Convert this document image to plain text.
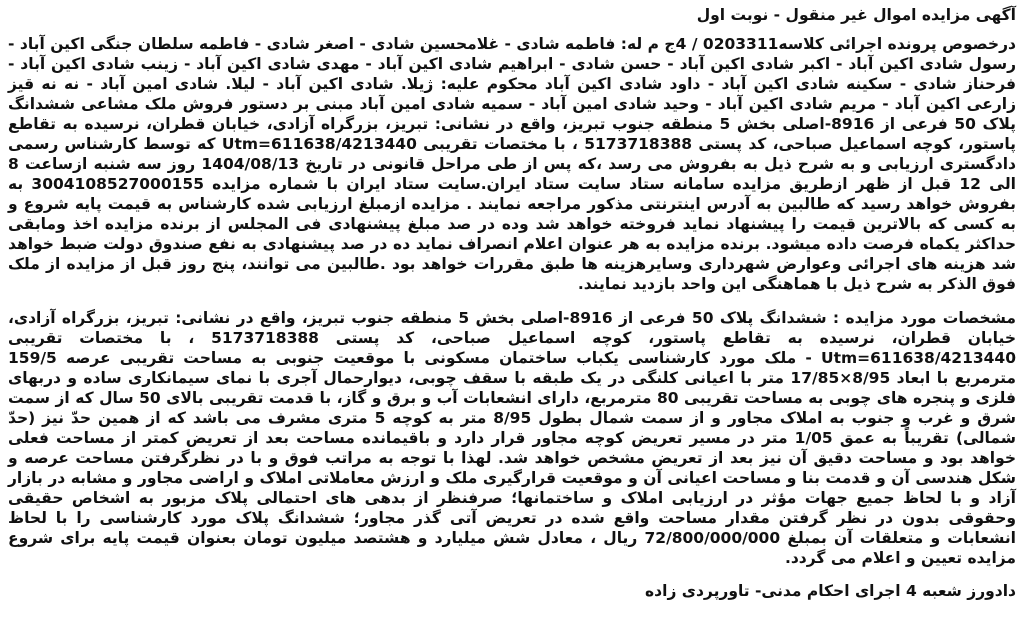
آگهی مزایده اموال غیر منقول - نوبت اول

درخصوص پرونده اجرائی کلاسه0203311 / 4ج م له: فاطمه شادی - غلامحسین شادی - اصغر شادی - فاطمه سلطان جنگی اکین آباد - رسول شادی اکین آباد - اکبر شادی اکین آباد - حسن شادی - ابراهیم شادی اکین آباد - مهدی شادی اکین آباد - زینب شادی اکین آباد - فرحناز شادی - سکینه شادی اکین آباد - داود شادی اکین آباد محکوم علیه: ژیلا. شادی اکین آباد - لیلا. شادی امین آباد - نه نه قیز زارعی اکین آباد - مریم شادی اکین آباد - وحید شادی امین آباد - سمیه شادی امین آباد مبنی بر دستور فروش ملک مشاعی ششدانگ پلاک 50 فرعی از 8916-اصلی بخش 5 منطقه جنوب تبریز، واقع در نشانی: تبریز، بزرگراه آزادی، خیابان قطران، نرسیده به تقاطع پاستور، کوچه اسماعیل صباحی، کد پستی 5173718388 ، با مختصات تقریبی Utm=611638/4213440 که توسط کارشناس رسمی دادگستری ارزیابی و به شرح ذیل به بفروش می رسد ،که پس از طی مراحل قانونی در تاریخ 1404/08/13 روز سه شنبه ازساعت 8 الی 12 قبل از ظهر ازطریق مزایده سامانه ستاد سایت ستاد ایران.سایت ستاد ایران با شماره مزایده 3004108527000155 به بفروش خواهد رسید که طالبین به آدرس اینترنتی مذکور مراجعه نمایند . مزایده ازمبلغ ارزیابی شده کارشناس به قیمت پایه شروع و به کسی که بالاترین قیمت را پیشنهاد نماید فروخته خواهد شد وده در صد مبلغ پیشنهادی فی المجلس از برنده مزایده اخذ ومابقی حداکثر یکماه فرصت داده میشود. برنده مزایده به هر عنوان اعلام انصراف نماید ده در صد پیشنهادی به نفع صندوق دولت ضبط خواهد شد هزینه های اجرائی وعوارض شهرداری وسایرهزینه ها طبق مقررات خواهد بود .طالبین می توانند، پنج روز قبل از مزایده از ملک فوق الذکر به شرح ذیل با هماهنگی این واحد بازدید نمایند.

مشخصات مورد مزایده : ششدانگ پلاک 50 فرعی از 8916-اصلی بخش 5 منطقه جنوب تبریز، واقع در نشانی: تبریز، بزرگراه آزادی، خیابان قطران، نرسیده به تقاطع پاستور، کوچه اسماعیل صباحی، کد پستی 5173718388 ، با مختصات تقریبی Utm=611638/4213440 - ملک مورد کارشناسی یکباب ساختمان مسکونی با موقعیت جنوبی به مساحت تقریبی عرصه 159/5 مترمربع با ابعاد 8/95×17/85 متر با اعیانی کلنگی در یک طبقه با سقف چوبی، دیوارحمال آجری با نمای سیمانکاری ساده و دربهای فلزی و پنجره های چوبی به مساحت تقریبی 80 مترمربع، دارای انشعابات آب و برق و گاز، با قدمت تقریبی بالای 50 سال که از سمت شرق و غرب و جنوب به املاک مجاور و از سمت شمال بطول 8/95 متر به کوچه 5 متری مشرف می باشد که از همین حدّ نیز (حدّ شمالی) تقریباً به عمق 1/05 متر در مسیر تعریض کوچه مجاور قرار دارد و باقیمانده مساحت بعد از تعریض کمتر از مساحت فعلی خواهد بود و مساحت دقیق آن نیز بعد از تعریض مشخص خواهد شد. لهذا با توجه به مراتب فوق و با در نظرگرفتن مساحت عرصه و شکل هندسی آن و قدمت بنا و مساحت اعیانی آن و موقعیت قرارگیری ملک و ارزش معاملاتی املاک و اراضی مجاور و مشابه در بازار آزاد و با لحاظ جمیع جهات مؤثر در ارزیابی املاک و ساختمانها؛ صرفنظر از بدهی های احتمالی پلاک مزبور به اشخاص حقیقی وحقوقی بدون در نظر گرفتن مقدار مساحت واقع شده در تعریض آتی گذر مجاور؛ ششدانگ پلاک مورد کارشناسی را با لحاظ انشعابات و متعلقات آن بمبلغ 72/800/000/000 ریال ، معادل شش میلیارد و هشتصد میلیون تومان بعنوان قیمت پایه برای شروع مزایده تعیین و اعلام می گردد.

دادورز شعبه 4 اجرای احکام مدنی- تاورپردی زاده
